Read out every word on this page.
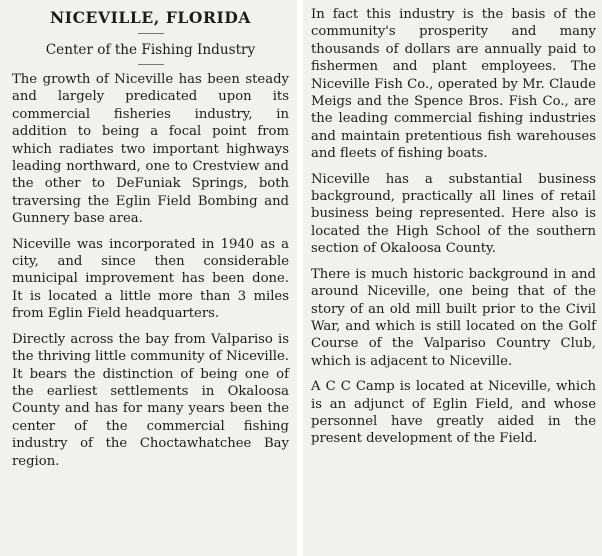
NICEVILLE, FLORIDA
Center of the Fishing Industry

The growth of Niceville has been steady and largely predicated upon its commercial fisheries industry, in addition to being a focal point from which radiates two important highways leading northward, one to Crestview and the other to DeFuniak Springs, both traversing the Eglin Field Bombing and Gunnery base area.

Niceville was incorporated in 1940 as a city, and since then considerable municipal improvement has been done. It is located a little more than 3 miles from Eglin Field headquarters.

Directly across the bay from Valpariso is the thriving little community of Niceville. It bears the distinction of being one of the earliest settlements in Okaloosa County and has for many years been the center of the commercial fishing industry of the Choctawhatchee Bay region.

In fact this industry is the basis of the community's prosperity and many thousands of dollars are annually paid to fishermen and plant employees. The Niceville Fish Co., operated by Mr. Claude Meigs and the Spence Bros. Fish Co., are the leading commercial fishing industries and maintain pretentious fish warehouses and fleets of fishing boats.

Niceville has a substantial business background, practically all lines of retail business being represented. Here also is located the High School of the southern section of Okaloosa County.

There is much historic background in and around Niceville, one being that of the story of an old mill built prior to the Civil War, and which is still located on the Golf Course of the Valpariso Country Club, which is adjacent to Niceville.

A C C Camp is located at Niceville, which is an adjunct of Eglin Field, and whose personnel have greatly aided in the present development of the Field.
